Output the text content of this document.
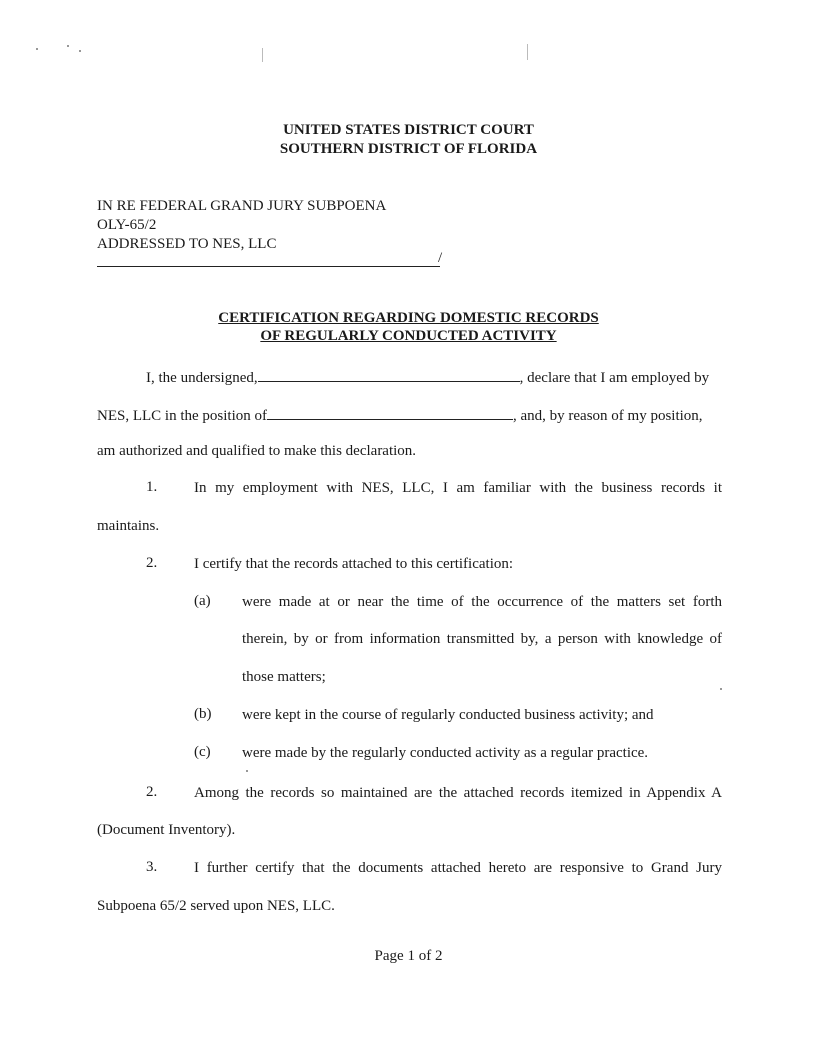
UNITED STATES DISTRICT COURT
SOUTHERN DISTRICT OF FLORIDA
IN RE FEDERAL GRAND JURY SUBPOENA
OLY-65/2
ADDRESSED TO NES, LLC
/
CERTIFICATION REGARDING DOMESTIC RECORDS
OF REGULARLY CONDUCTED ACTIVITY
I, the undersigned,	, declare that I am employed by
NES, LLC in the position of	, and, by reason of my position,
am authorized and qualified to make this declaration.
1. In my employment with NES, LLC, I am familiar with the business records it
maintains.
2. I certify that the records attached to this certification:
(a) were made at or near the time of the occurrence of the matters set forth
therein, by or from information transmitted by, a person with knowledge of
those matters;
(b) were kept in the course of regularly conducted business activity; and
(c) were made by the regularly conducted activity as a regular practice.
2. Among the records so maintained are the attached records itemized in Appendix A
(Document Inventory).
3. I further certify that the documents attached hereto are responsive to Grand Jury
Subpoena 65/2 served upon NES, LLC.
Page 1 of 2
